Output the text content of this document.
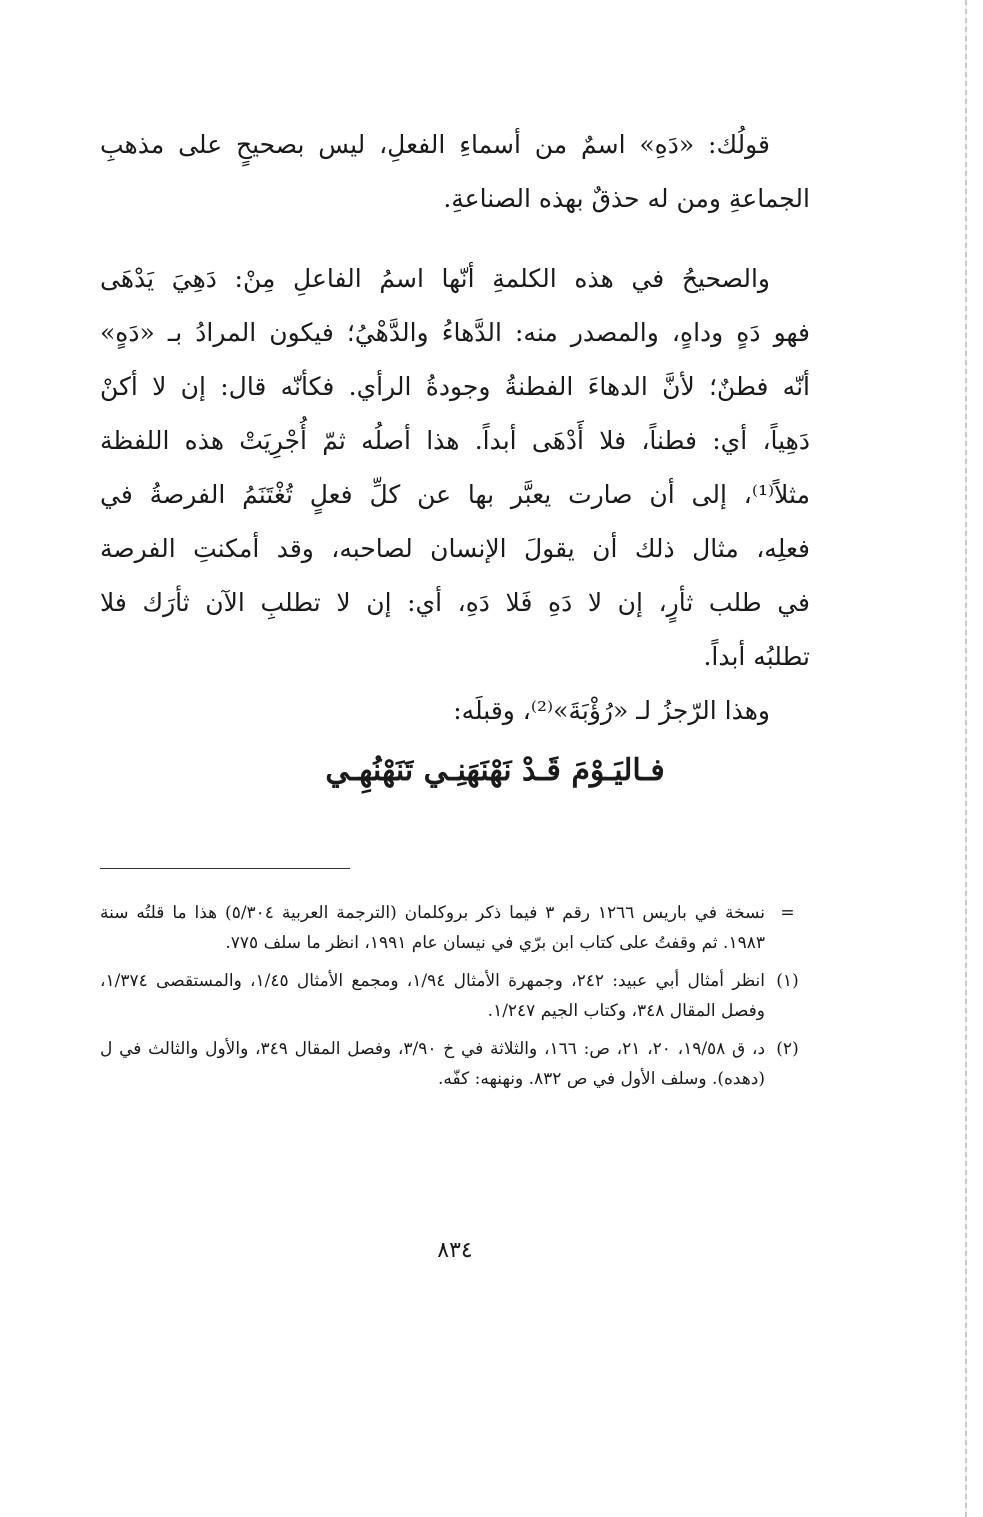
قولُك: «دَهِ» اسمٌ من أسماءِ الفعلِ، ليس بصحيحٍ على مذهبِ
الجماعةِ ومن له حذقٌ بهذه الصناعةِ.
والصحيحُ في هذه الكلمةِ أنّها اسمُ الفاعلِ مِنْ: دَهِيَ يَدْهَى
فهو دَهٍ وداهٍ، والمصدر منه: الدَّهاءُ والدَّهْيُ؛ فيكون المرادُ بـ «دَهٍ»
أنّه فطنٌ؛ لأنَّ الدهاءَ الفطنةُ وجودةُ الرأي. فكأنّه قال: إن لا أكنْ
دَهِياً، أي: فطناً، فلا أَدْهَى أبداً. هذا أصلُه ثمّ أُجْرِيَتْ هذه اللفظة
مثلاً⁽¹⁾، إلى أن صارت يعبَّر بها عن كلِّ فعلٍ تُغْتَنَمُ الفرصةُ في
فعلِه، مثال ذلك أن يقولَ الإنسان لصاحبه، وقد أمكنتِ الفرصة
في طلب ثأرٍ، إن لا دَهِ فَلا دَهِ، أي: إن لا تطلبِ الآن ثأرَك فلا
تطلبُه أبداً.
وهذا الرّجزُ لـ «رُؤْبَةَ»⁽²⁾، وقبلَه:
فـاليَـوْمَ قَـدْ نَهْنَهَنِـي تَنَهْنُهِـي
=
نسخة في باريس ١٢٦٦ رقم ٣ فيما ذكر بروكلمان (الترجمة العربية ٥/٣٠٤) هذا ما قلتُه سنة ١٩٨٣. ثم وقفتُ على كتاب ابن برّي في نيسان عام ١٩٩١، انظر ما سلف ٧٧٥.
(١)
انظر أمثال أبي عبيد: ٢٤٢، وجمهرة الأمثال ١/٩٤، ومجمع الأمثال ١/٤٥، والمستقصى ١/٣٧٤، وفصل المقال ٣٤٨، وكتاب الجيم ١/٢٤٧.
(٢)
د، ق ١٩/٥٨، ٢٠، ٢١، ص: ١٦٦، والثلاثة في خ ٣/٩٠، وفصل المقال ٣٤٩، والأول والثالث في ل (دهده). وسلف الأول في ص ٨٣٢. ونهنهه: كفّه.
٨٣٤
